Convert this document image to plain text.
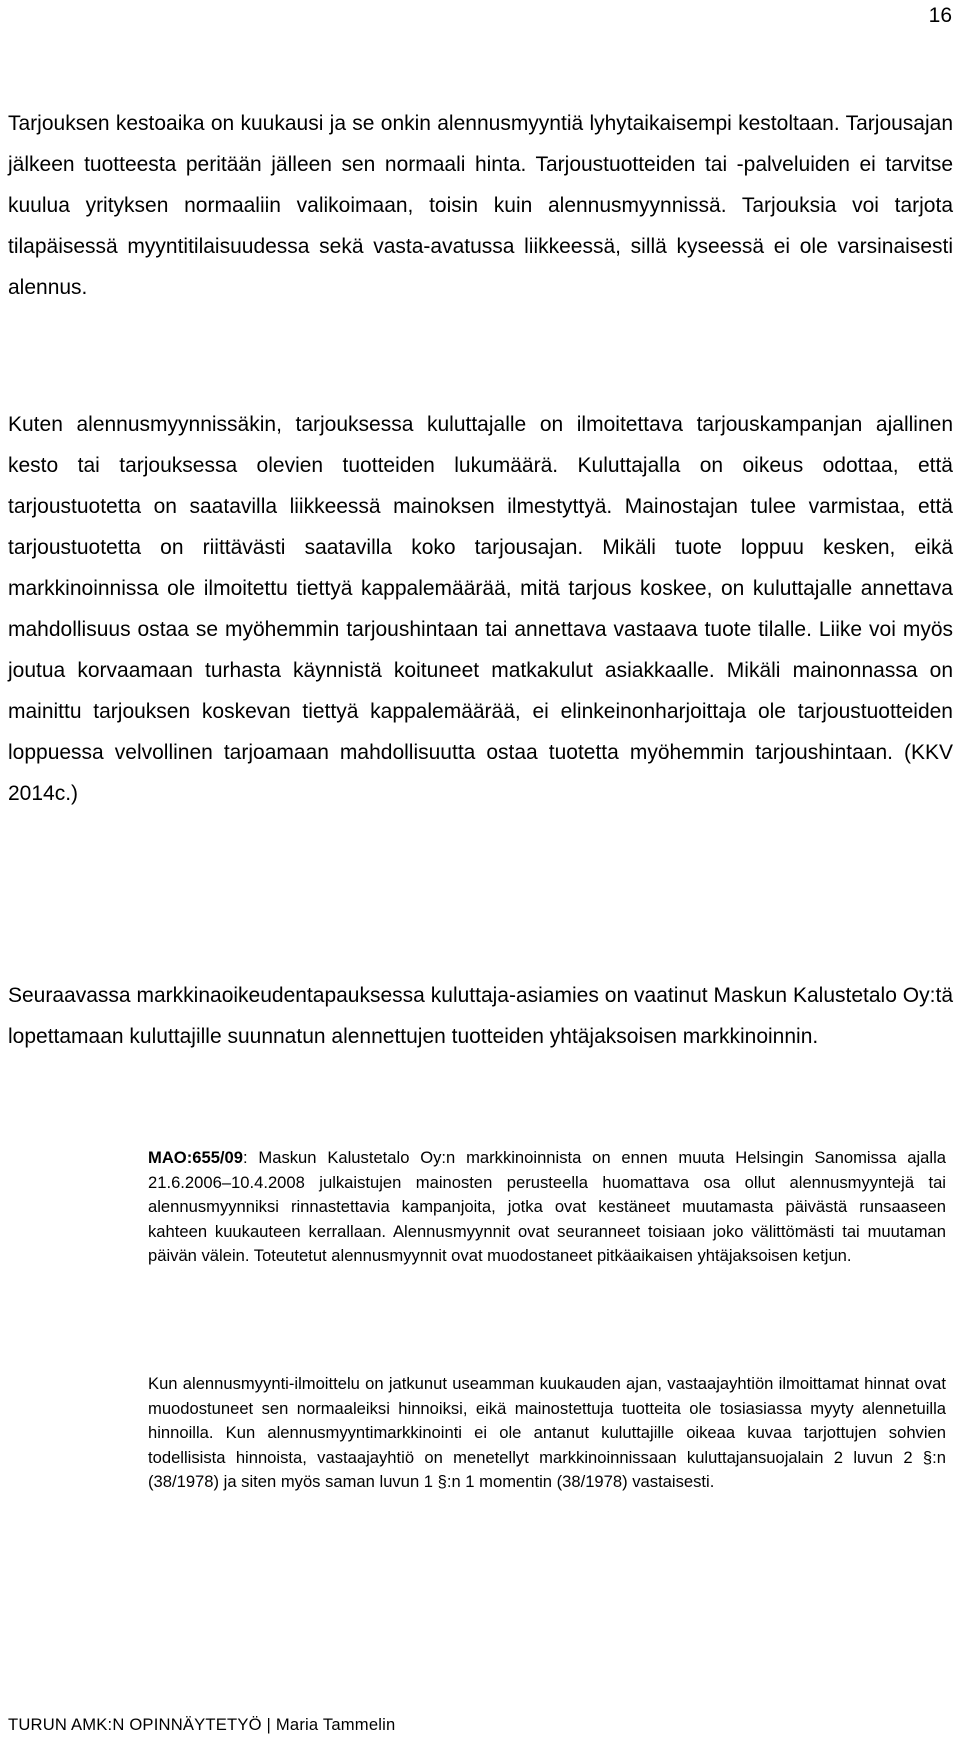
16

Tarjouksen kestoaika on kuukausi ja se onkin alennusmyyntiä lyhytaikaisempi kestoltaan. Tarjousajan jälkeen tuotteesta peritään jälleen sen normaali hinta. Tarjoustuotteiden tai -palveluiden ei tarvitse kuulua yrityksen normaaliin valikoimaan, toisin kuin alennusmyynnissä. Tarjouksia voi tarjota tilapäisessä myyntitilaisuudessa sekä vasta-avatussa liikkeessä, sillä kyseessä ei ole varsinaisesti alennus.

Kuten alennusmyynnissäkin, tarjouksessa kuluttajalle on ilmoitettava tarjouskampanjan ajallinen kesto tai tarjouksessa olevien tuotteiden lukumäärä. Kuluttajalla on oikeus odottaa, että tarjoustuotetta on saatavilla liikkeessä mainoksen ilmestyttyä. Mainostajan tulee varmistaa, että tarjoustuotetta on riittävästi saatavilla koko tarjousajan. Mikäli tuote loppuu kesken, eikä markkinoinnissa ole ilmoitettu tiettyä kappalemäärää, mitä tarjous koskee, on kuluttajalle annettava mahdollisuus ostaa se myöhemmin tarjoushintaan tai annettava vastaava tuote tilalle. Liike voi myös joutua korvaamaan turhasta käynnistä koituneet matkakulut asiakkaalle. Mikäli mainonnassa on mainittu tarjouksen koskevan tiettyä kappalemäärää, ei elinkeinonharjoittaja ole tarjoustuotteiden loppuessa velvollinen tarjoamaan mahdollisuutta ostaa tuotetta myöhemmin tarjoushintaan. (KKV 2014c.)

Seuraavassa markkinaoikeudentapauksessa kuluttaja-asiamies on vaatinut Maskun Kalustetalo Oy:tä lopettamaan kuluttajille suunnatun alennettujen tuotteiden yhtäjaksoisen markkinoinnin.

MAO:655/09: Maskun Kalustetalo Oy:n markkinoinnista on ennen muuta Helsingin Sanomissa ajalla 21.6.2006–10.4.2008 julkaistujen mainosten perusteella huomattava osa ollut alennusmyyntejä tai alennusmyynniksi rinnastettavia kampanjoita, jotka ovat kestäneet muutamasta päivästä runsaaseen kahteen kuukauteen kerrallaan. Alennusmyynnit ovat seuranneet toisiaan joko välittömästi tai muutaman päivän välein. Toteutetut alennusmyynnit ovat muodostaneet pitkäaikaisen yhtäjaksoisen ketjun.

Kun alennusmyynti-ilmoittelu on jatkunut useamman kuukauden ajan, vastaajayhtiön ilmoittamat hinnat ovat muodostuneet sen normaaleiksi hinnoiksi, eikä mainostettuja tuotteita ole tosiasiassa myyty alennetuilla hinnoilla. Kun alennusmyyntimarkkinointi ei ole antanut kuluttajille oikeaa kuvaa tarjottujen sohvien todellisista hinnoista, vastaajayhtiö on menetellyt markkinoinnissaan kuluttajansuojalain 2 luvun 2 §:n (38/1978) ja siten myös saman luvun 1 §:n 1 momentin (38/1978) vastaisesti.

TURUN AMK:N OPINNÄYTETYÖ | Maria Tammelin
